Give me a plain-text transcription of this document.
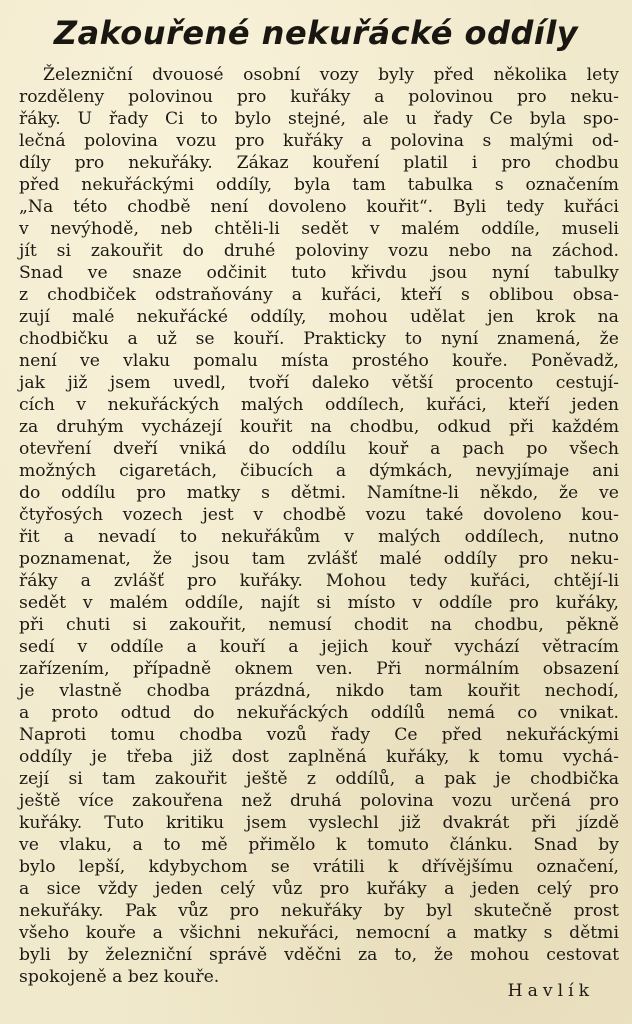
Zakouřené nekuřácké oddíly
Železniční dvouosé osobní vozy byly před několika lety
rozděleny polovinou pro kuřáky a polovinou pro neku-
řáky. U řady Ci to bylo stejné, ale u řady Ce byla spo-
lečná polovina vozu pro kuřáky a polovina s malými od-
díly pro nekuřáky. Zákaz kouření platil i pro chodbu
před nekuřáckými oddíly, byla tam tabulka s označením
„Na této chodbě není dovoleno kouřit“. Byli tedy kuřáci
v nevýhodě, neb chtěli-li sedět v malém oddíle, museli
jít si zakouřit do druhé poloviny vozu nebo na záchod.
Snad ve snaze odčinit tuto křivdu jsou nyní tabulky
z chodbiček odstraňovány a kuřáci, kteří s oblibou obsa-
zují malé nekuřácké oddíly, mohou udělat jen krok na
chodbičku a už se kouří. Prakticky to nyní znamená, že
není ve vlaku pomalu místa prostého kouře. Poněvadž,
jak již jsem uvedl, tvoří daleko větší procento cestují-
cích v nekuřáckých malých oddílech, kuřáci, kteří jeden
za druhým vycházejí kouřit na chodbu, odkud při každém
otevření dveří vniká do oddílu kouř a pach po všech
možných cigaretách, čibucích a dýmkách, nevyjímaje ani
do oddílu pro matky s dětmi. Namítne-li někdo, že ve
čtyřosých vozech jest v chodbě vozu také dovoleno kou-
řit a nevadí to nekuřákům v malých oddílech, nutno
poznamenat, že jsou tam zvlášť malé oddíly pro neku-
řáky a zvlášť pro kuřáky. Mohou tedy kuřáci, chtějí-li
sedět v malém oddíle, najít si místo v oddíle pro kuřáky,
při chuti si zakouřit, nemusí chodit na chodbu, pěkně
sedí v oddíle a kouří a jejich kouř vychází větracím
zařízením, případně oknem ven. Při normálním obsazení
je vlastně chodba prázdná, nikdo tam kouřit nechodí,
a proto odtud do nekuřáckých oddílů nemá co vnikat.
Naproti tomu chodba vozů řady Ce před nekuřáckými
oddíly je třeba již dost zaplněná kuřáky, k tomu vychá-
zejí si tam zakouřit ještě z oddílů, a pak je chodbička
ještě více zakouřena než druhá polovina vozu určená pro
kuřáky. Tuto kritiku jsem vyslechl již dvakrát při jízdě
ve vlaku, a to mě přimělo k tomuto článku. Snad by
bylo lepší, kdybychom se vrátili k dřívějšímu označení,
a sice vždy jeden celý vůz pro kuřáky a jeden celý pro
nekuřáky. Pak vůz pro nekuřáky by byl skutečně prost
všeho kouře a všichni nekuřáci, nemocní a matky s dětmi
byli by železniční správě vděčni za to, že mohou cestovat
spokojeně
a
bez
kouře.
Havlík
